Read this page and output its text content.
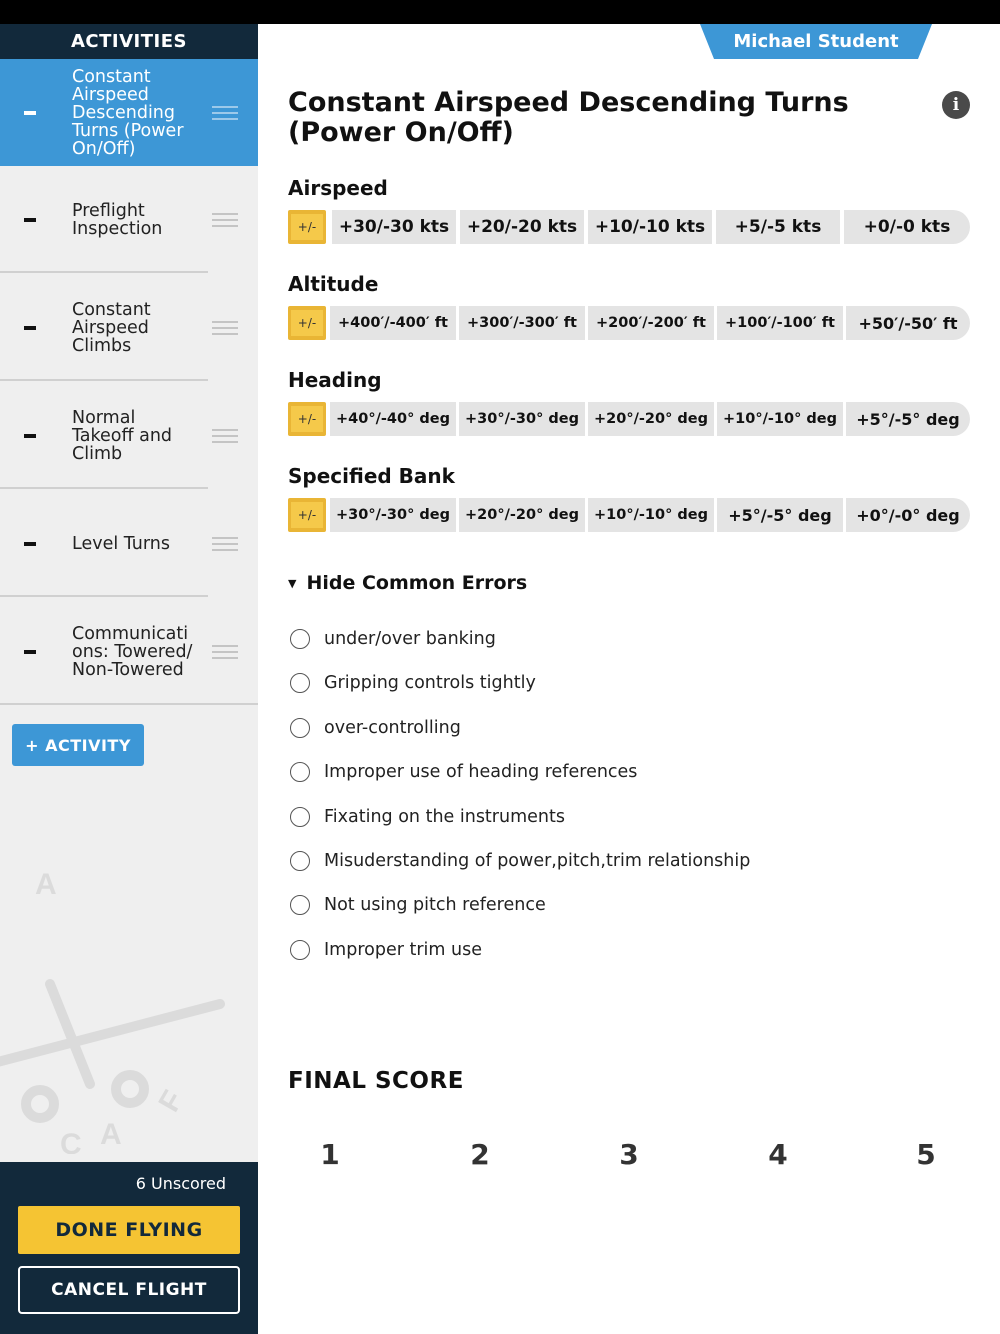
ACTIVITIES
Constant Airspeed Descending Turns (Power On/Off)
Preflight Inspection
Constant Airspeed Climbs
Normal Takeoff and Climb
Level Turns
Communications: Towered/ Non-Towered
+ ACTIVITY
A
F
C A
6 Unscored
DONE FLYING
CANCEL FLIGHT
Michael Student
Constant Airspeed Descending Turns (Power On/Off)
i
Airspeed
+/-	+30/-30 kts	+20/-20 kts	+10/-10 kts	+5/-5 kts	+0/-0 kts
Altitude
+/-	+400′/-400′ ft	+300′/-300′ ft	+200′/-200′ ft	+100′/-100′ ft	+50′/-50′ ft
Heading
+/-	+40°/-40° deg	+30°/-30° deg	+20°/-20° deg	+10°/-10° deg	+5°/-5° deg
Specified Bank
+/-	+30°/-30° deg	+20°/-20° deg	+10°/-10° deg	+5°/-5° deg	+0°/-0° deg
▼ Hide Common Errors
under/over banking
Gripping controls tightly
over-controlling
Improper use of heading references
Fixating on the instruments
Misuderstanding of power,pitch,trim relationship
Not using pitch reference
Improper trim use
FINAL SCORE
1	2	3	4	5
